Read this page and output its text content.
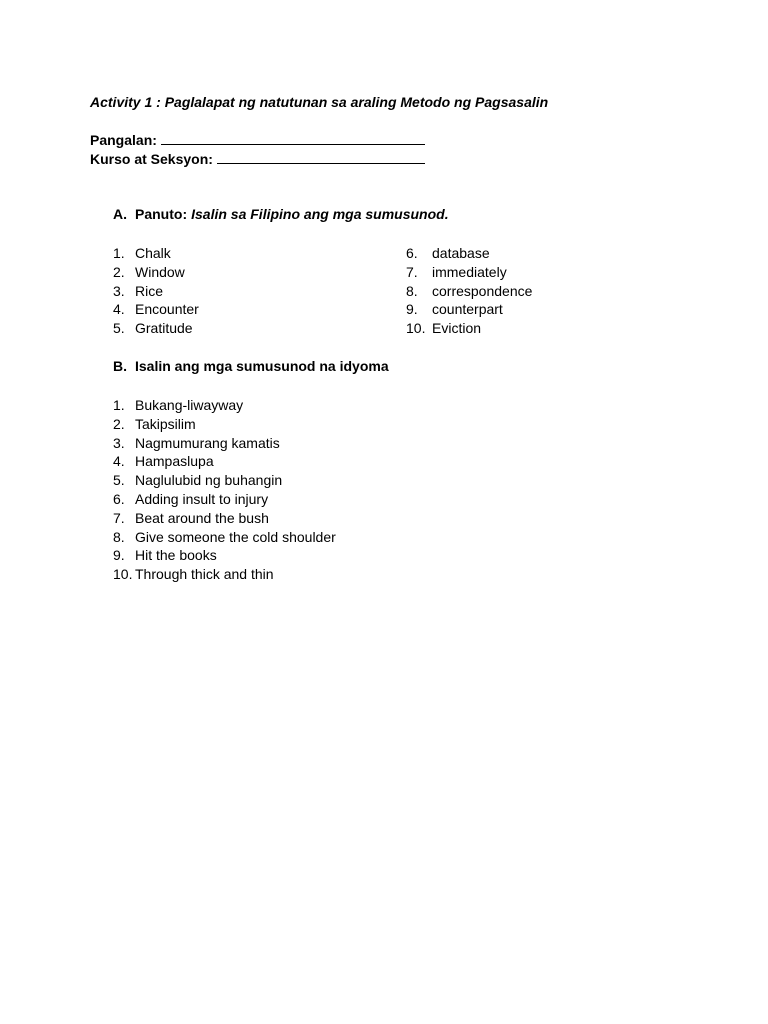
Activity 1 : Paglalapat ng natutunan sa araling Metodo ng Pagsasalin
Pangalan:
Kurso at Seksyon:
A. Panuto: Isalin sa Filipino ang mga sumusunod.
1. Chalk
2. Window
3. Rice
4. Encounter
5. Gratitude
6. database
7. immediately
8. correspondence
9. counterpart
10. Eviction
B. Isalin ang mga sumusunod na idyoma
1. Bukang-liwayway
2. Takipsilim
3. Nagmumurang kamatis
4. Hampaslupa
5. Naglulubid ng buhangin
6. Adding insult to injury
7. Beat around the bush
8. Give someone the cold shoulder
9. Hit the books
10. Through thick and thin
